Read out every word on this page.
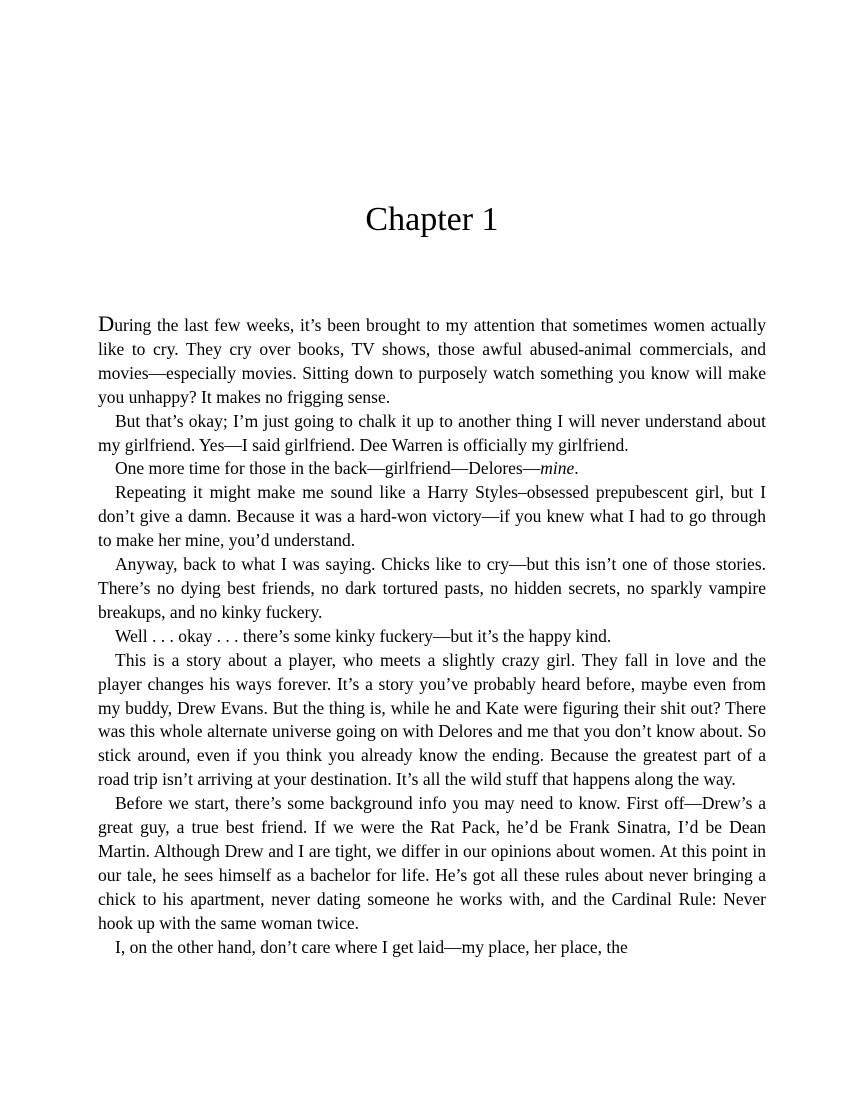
Chapter 1

During the last few weeks, it’s been brought to my attention that sometimes women actually like to cry. They cry over books, TV shows, those awful abused-animal commercials, and movies—especially movies. Sitting down to purposely watch something you know will make you unhappy? It makes no frigging sense.

But that’s okay; I’m just going to chalk it up to another thing I will never understand about my girlfriend. Yes—I said girlfriend. Dee Warren is officially my girlfriend.

One more time for those in the back—girlfriend—Delores—mine.

Repeating it might make me sound like a Harry Styles–obsessed prepubescent girl, but I don’t give a damn. Because it was a hard-won victory—if you knew what I had to go through to make her mine, you’d understand.

Anyway, back to what I was saying. Chicks like to cry—but this isn’t one of those stories. There’s no dying best friends, no dark tortured pasts, no hidden secrets, no sparkly vampire breakups, and no kinky fuckery.

Well . . . okay . . . there’s some kinky fuckery—but it’s the happy kind.

This is a story about a player, who meets a slightly crazy girl. They fall in love and the player changes his ways forever. It’s a story you’ve probably heard before, maybe even from my buddy, Drew Evans. But the thing is, while he and Kate were figuring their shit out? There was this whole alternate universe going on with Delores and me that you don’t know about. So stick around, even if you think you already know the ending. Because the greatest part of a road trip isn’t arriving at your destination. It’s all the wild stuff that happens along the way.

Before we start, there’s some background info you may need to know. First off—Drew’s a great guy, a true best friend. If we were the Rat Pack, he’d be Frank Sinatra, I’d be Dean Martin. Although Drew and I are tight, we differ in our opinions about women. At this point in our tale, he sees himself as a bachelor for life. He’s got all these rules about never bringing a chick to his apartment, never dating someone he works with, and the Cardinal Rule: Never hook up with the same woman twice.

I, on the other hand, don’t care where I get laid—my place, her place, the
